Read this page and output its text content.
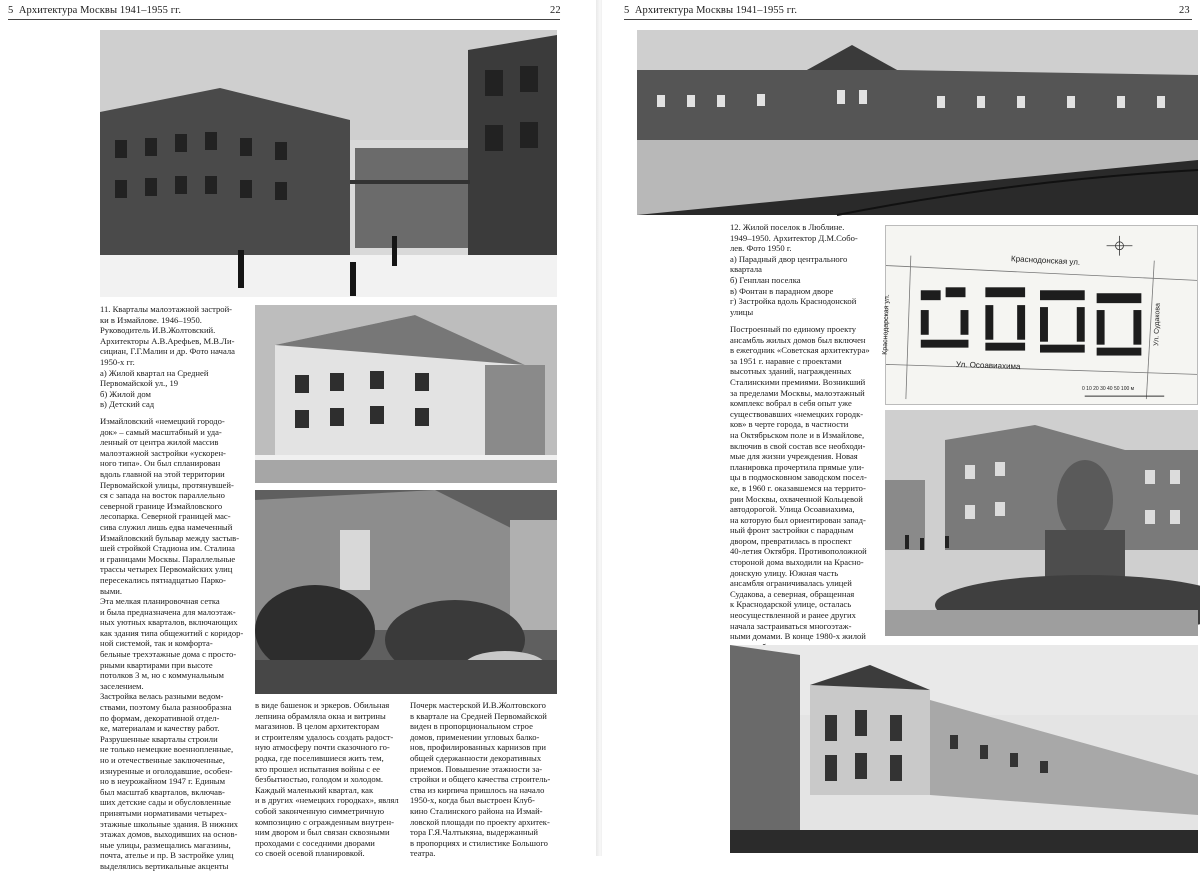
5 Архитектура Москвы 1941–1955 гг.	22

11. Кварталы малоэтажной застрой-
ки в Измайлове. 1946–1950.
Руководитель И.В.Жолтовский.
Архитекторы А.В.Арефьев, М.В.Ли-
сициан, Г.Г.Малин и др. Фото начала
1950-х гг.
а) Жилой квартал на Средней
Первомайской ул., 19
б) Жилой дом
в) Детский сад

Измайловский «немецкий городо-
док» – самый масштабный и уда-
ленный от центра жилой массив
малоэтажной застройки «ускорен-
ного типа». Он был спланирован
вдоль главной на этой территории
Первомайской улицы, протянувшей-
ся с запада на восток параллельно
северной границе Измайловского
лесопарка. Северной границей мас-
сива служил лишь едва намеченный
Измайловский бульвар между застыв-
шей стройкой Стадиона им. Сталина
и границами Москвы. Параллельные
трассы четырех Первомайских улиц
пересекались пятнадцатью Парко-
выми.
Эта мелкая планировочная сетка
и была предназначена для малоэтаж-
ных уютных кварталов, включающих
как здания типа общежитий с коридор-
ной системой, так и комфорта-
бельные трехэтажные дома с просто-
рными квартирами при высоте
потолков 3 м, но с коммунальным
заселением.
Застройка велась разными ведом-
ствами, поэтому была разнообразна
по формам, декоративной отдел-
ке, материалам и качеству работ.
Разрушенные кварталы строили
не только немецкие военнопленные,
но и отечественные заключенные,
изнуренные и оголодавшие, особен-
но в неурожайном 1947 г. Единым
был масштаб кварталов, включав-
ших детские сады и обусловленные
принятыми нормативами четырех-
этажные школьные здания. В нижних
этажах домов, выходивших на основ-
ные улицы, размещались магазины,
почта, ателье и пр. В застройке улиц
выделялись вертикальные акценты

в виде башенок и эркеров. Обильная
лепнина обрамляла окна и витрины
магазинов. В целом архитекторам
и строителям удалось создать радост-
ную атмосферу почти сказочного го-
родка, где поселившиеся жить тем,
кто прошел испытания войны с ее
безбытностью, голодом и холодом.
Каждый маленький квартал, как
и в других «немецких городках», являл
собой законченную симметричную
композицию с огражденным внутрен-
ним двором и был связан сквозными
проходами с соседними дворами
со своей осевой планировкой.

Почерк мастерской И.В.Жолтовского
в квартале на Средней Первомайской
виден в пропорциональном строе
домов, применении угловых балко-
нов, профилированных карнизов при
общей сдержанности декоративных
приемов. Повышение этажности за-
стройки и общего качества строитель-
ства из кирпича пришлось на начало
1950-х, когда был выстроен Клуб-
кино Сталинского района на Измай-
ловской площади по проекту архитек-
тора Г.Я.Чалтыкяна, выдержанный
в пропорциях и стилистике Большого
театра.

5 Архитектура Москвы 1941–1955 гг.	23

12. Жилой поселок в Люблине.
1949–1950. Архитектор Д.М.Собо-
лев. Фото 1950 г.
а) Парадный двор центрального
квартала
б) Генплан поселка
в) Фонтан в парадном дворе
г) Застройка вдоль Краснодонской
улицы

Краснодонская ул.
Ул. Осоавиахима
Краснодарская ул.	Ул. Судакова
0 10 20 30 40 50 100 м

Построенный по единому проекту
ансамбль жилых домов был включен
в ежегодник «Советская архитектура»
за 1951 г. наравне с проектами
высотных зданий, награжденных
Сталинскими премиями. Возникший
за пределами Москвы, малоэтажный
комплекс вобрал в себя опыт уже
существовавших «немецких городк-
ков» в черте города, в частности
на Октябрьском поле и в Измайлове,
включив в свой состав все необходи-
мые для жизни учреждения. Новая
планировка прочертила прямые ули-
цы в подмосковном заводском посел-
ке, в 1960 г. оказавшемся на террито-
рии Москвы, охваченной Кольцевой
автодорогой. Улица Осоавиахима,
на которую был ориентирован запад-
ный фронт застройки с парадным
двором, превратилась в проспект
40-летия Октября. Противоположной
стороной дома выходили на Красно-
донскую улицу. Южная часть
ансамбля ограничивалась улицей
Судакова, а северная, обращенная
к Краснодарской улице, осталась
неосуществленной и ранее других
начала застраиваться многоэтаж-
ными домами. В конце 1980-х жилой
